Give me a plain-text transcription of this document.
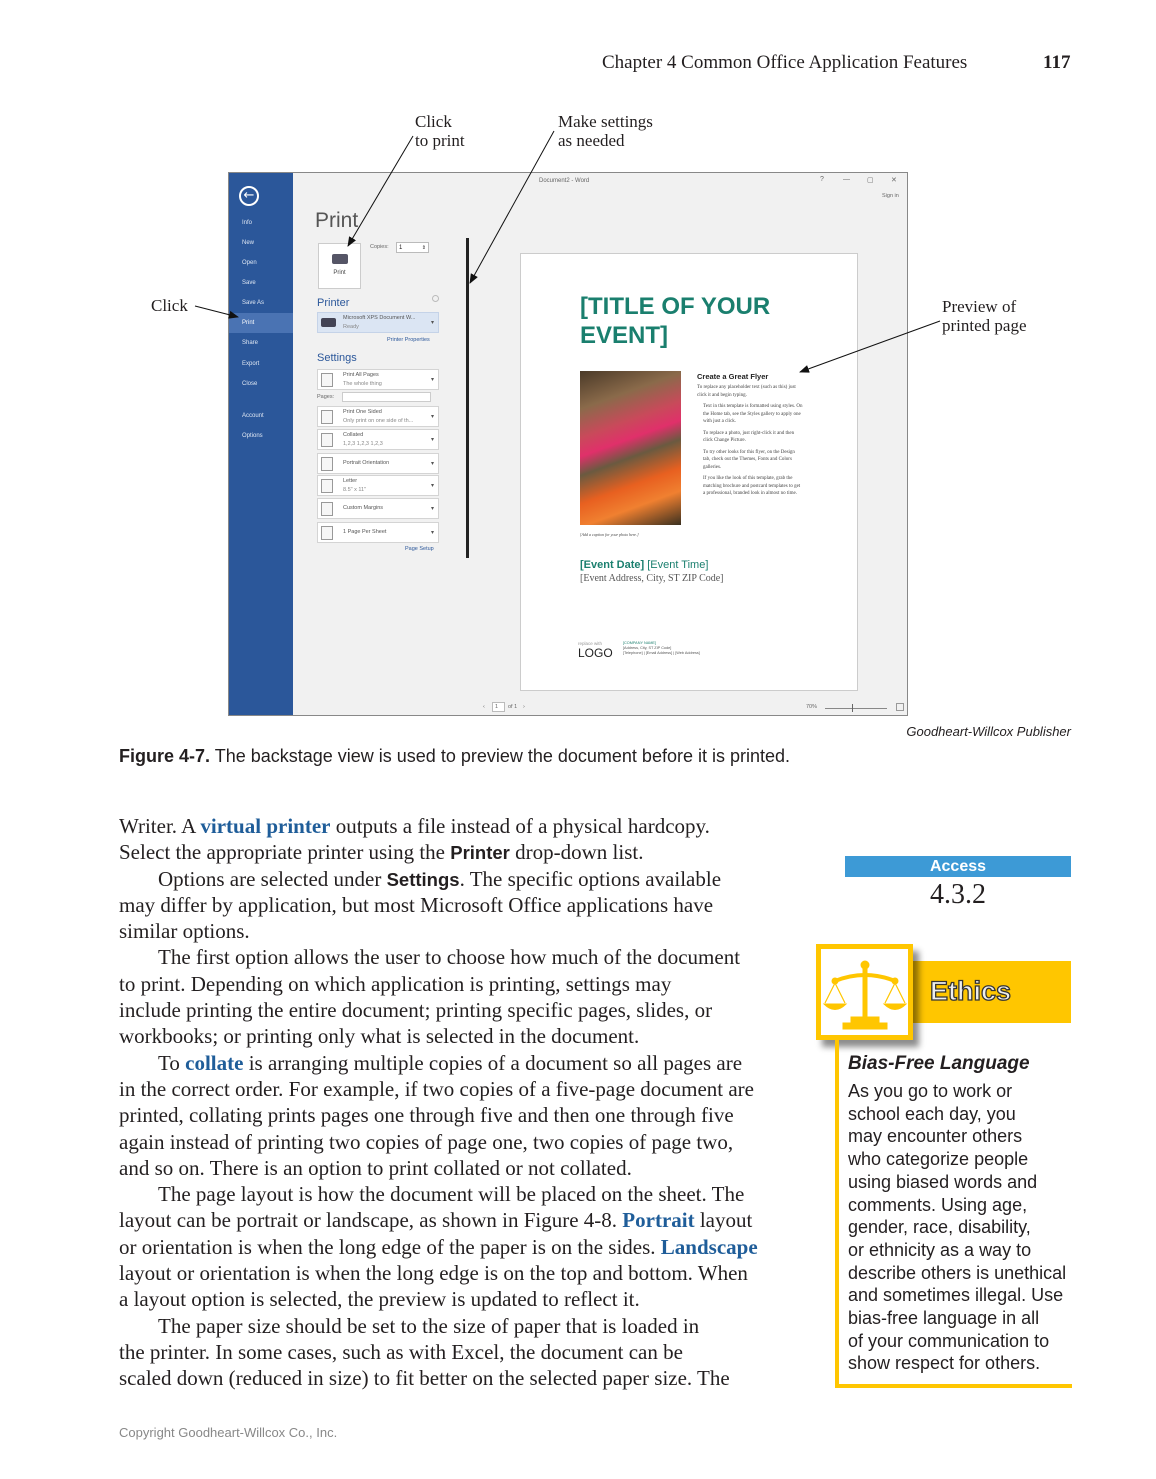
Chapter 4 Common Office Application Features	117
Click
to print
Make settings
as needed
Click	Preview of
printed page
←
Info
New
Open
Save
Save As
Print
Share
Export
Close
Account
Options
Print
Print
Copies:	1	⇕
Printer
Microsoft XPS Document W...
Ready
▾
Printer Properties
Settings
Print All Pages
The whole thing
▾
Print One Sided
Only print on one side of th...
▾
Collated
1,2,3 1,2,3 1,2,3
▾
Portrait Orientation	▾
Letter
8.5" x 11"
▾
Custom Margins	▾
1 Page Per Sheet	▾
Pages:
Page Setup
Document2 - Word	?	— ▢ ✕
Sign in
[TITLE OF YOUR
EVENT]
Create a Great Flyer
To replace any placeholder text (such as this) just click it and begin typing.
Text in this template is formatted using styles. On the Home tab, see the Styles gallery to apply one with just a click.
To replace a photo, just right-click it and then click Change Picture.
To try other looks for this flyer, on the Design tab, check out the Themes, Fonts and Colors galleries.
If you like the look of this template, grab the matching brochure and postcard templates to get a professional, branded look in almost no time.
[Add a caption for your photo here.]
[Event Date] [Event Time]
[Event Address, City, ST ZIP Code]
replace with
LOGO
[COMPANY NAME]
[Address, City, ST ZIP Code]
[Telephone] | [Email Address] | [Web Address]
‹	1	of 1 ›	70%
Goodheart-Willcox Publisher
Figure 4-7. The backstage view is used to preview the document before it is printed.
Writer. A virtual printer outputs a file instead of a physical hardcopy.
Select the appropriate printer using the Printer drop-down list.
Options are selected under Settings. The specific options available
may differ by application, but most Microsoft Office applications have
similar options.
The first option allows the user to choose how much of the document
to print. Depending on which application is printing, settings may
include printing the entire document; printing specific pages, slides, or
workbooks; or printing only what is selected in the document.
To collate is arranging multiple copies of a document so all pages are
in the correct order. For example, if two copies of a five-page document are
printed, collating prints pages one through five and then one through five
again instead of printing two copies of page one, two copies of page two,
and so on. There is an option to print collated or not collated.
The page layout is how the document will be placed on the sheet. The
layout can be portrait or landscape, as shown in Figure 4-8. Portrait layout
or orientation is when the long edge of the paper is on the sides. Landscape
layout or orientation is when the long edge is on the top and bottom. When
a layout option is selected, the preview is updated to reflect it.
The paper size should be set to the size of paper that is loaded in
the printer. In some cases, such as with Excel, the document can be
scaled down (reduced in size) to fit better on the selected paper size. The
Access
4.3.2
Ethics
Bias-Free Language
As you go to work or
school each day, you
may encounter others
who categorize people
using biased words and
comments. Using age,
gender, race, disability,
or ethnicity as a way to
describe others is unethical
and sometimes illegal. Use
bias-free language in all
of your communication to
show respect for others.
Copyright Goodheart-Willcox Co., Inc.
